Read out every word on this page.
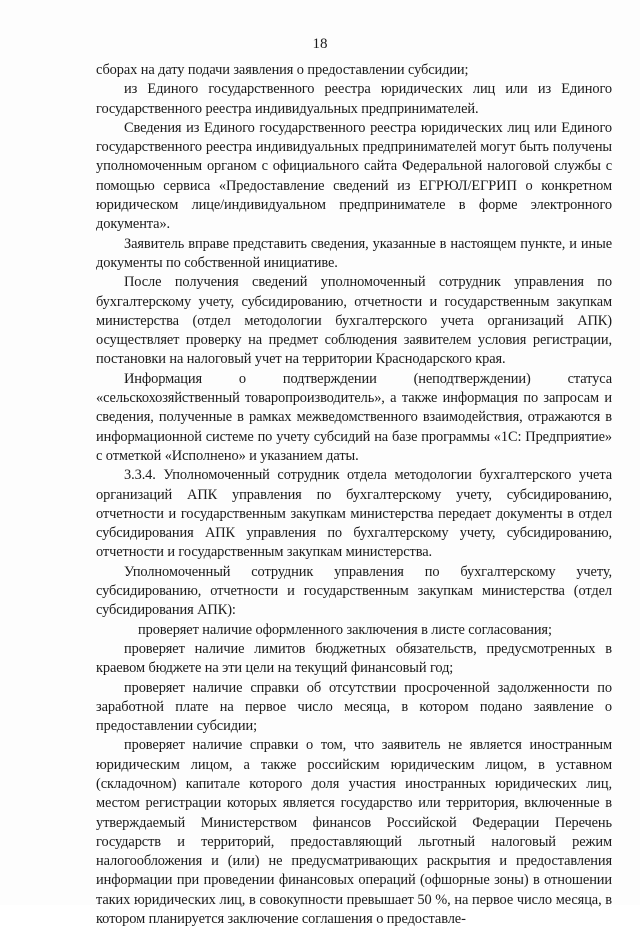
18

сборах на дату подачи заявления о предоставлении субсидии;

из Единого государственного реестра юридических лиц или из Единого государственного реестра индивидуальных предпринимателей.

Сведения из Единого государственного реестра юридических лиц или Единого государственного реестра индивидуальных предпринимателей могут быть получены уполномоченным органом с официального сайта Федеральной налоговой службы с помощью сервиса «Предоставление сведений из ЕГРЮЛ/ЕГРИП о конкретном юридическом лице/индивидуальном предпринимателе в форме электронного документа».

Заявитель вправе представить сведения, указанные в настоящем пункте, и иные документы по собственной инициативе.

После получения сведений уполномоченный сотрудник управления по бухгалтерскому учету, субсидированию, отчетности и государственным закупкам министерства (отдел методологии бухгалтерского учета организаций АПК) осуществляет проверку на предмет соблюдения заявителем условия регистрации, постановки на налоговый учет на территории Краснодарского края.

Информация о подтверждении (неподтверждении) статуса «сельскохозяйственный товаропроизводитель», а также информация по запросам и сведения, полученные в рамках межведомственного взаимодействия, отражаются в информационной системе по учету субсидий на базе программы «1С: Предприятие» с отметкой «Исполнено» и указанием даты.

3.3.4. Уполномоченный сотрудник отдела методологии бухгалтерского учета организаций АПК управления по бухгалтерскому учету, субсидированию, отчетности и государственным закупкам министерства передает документы в отдел субсидирования АПК управления по бухгалтерскому учету, субсидированию, отчетности и государственным закупкам министерства.

Уполномоченный сотрудник управления по бухгалтерскому учету, субсидированию, отчетности и государственным закупкам министерства (отдел субсидирования АПК):

проверяет наличие оформленного заключения в листе согласования;

проверяет наличие лимитов бюджетных обязательств, предусмотренных в краевом бюджете на эти цели на текущий финансовый год;

проверяет наличие справки об отсутствии просроченной задолженности по заработной плате на первое число месяца, в котором подано заявление о предоставлении субсидии;

проверяет наличие справки о том, что заявитель не является иностранным юридическим лицом, а также российским юридическим лицом, в уставном (складочном) капитале которого доля участия иностранных юридических лиц, местом регистрации которых является государство или территория, включенные в утверждаемый Министерством финансов Российской Федерации Перечень государств и территорий, предоставляющий льготный налоговый режим налогообложения и (или) не предусматривающих раскрытия и предоставления информации при проведении финансовых операций (офшорные зоны) в отношении таких юридических лиц, в совокупности превышает 50 %, на первое число месяца, в котором планируется заключение соглашения о предоставле-
